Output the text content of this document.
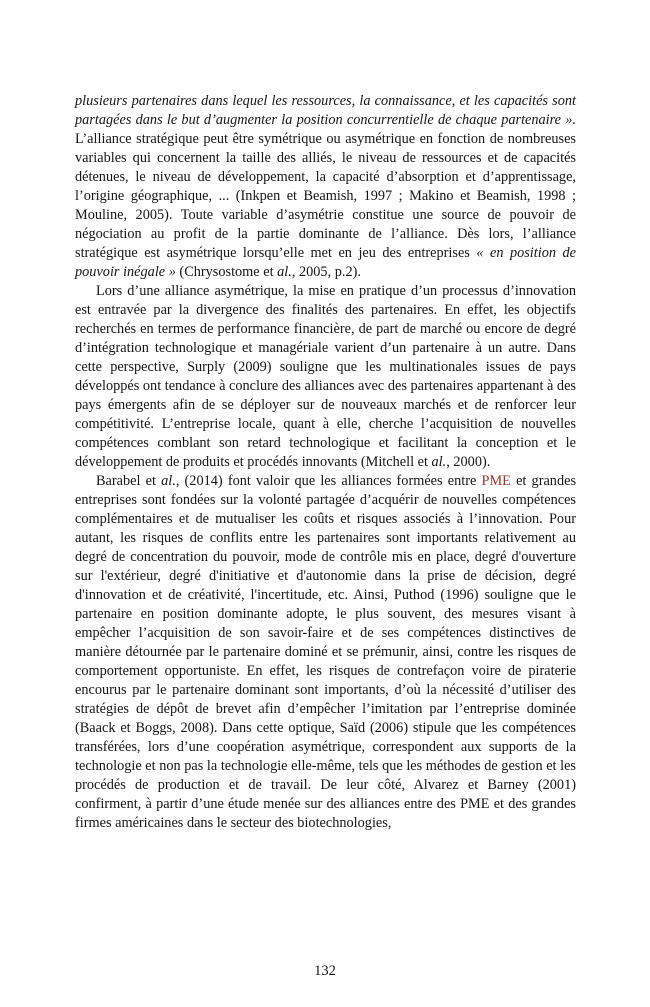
plusieurs partenaires dans lequel les ressources, la connaissance, et les capacités sont partagées dans le but d’augmenter la position concurrentielle de chaque partenaire ». L’alliance stratégique peut être symétrique ou asymétrique en fonction de nombreuses variables qui concernent la taille des alliés, le niveau de ressources et de capacités détenues, le niveau de développement, la capacité d’absorption et d’apprentissage, l’origine géographique, ... (Inkpen et Beamish, 1997 ; Makino et Beamish, 1998 ; Mouline, 2005). Toute variable d’asymétrie constitue une source de pouvoir de négociation au profit de la partie dominante de l’alliance. Dès lors, l’alliance stratégique est asymétrique lorsqu’elle met en jeu des entreprises « en position de pouvoir inégale » (Chrysostome et al., 2005, p.2).

Lors d’une alliance asymétrique, la mise en pratique d’un processus d’innovation est entravée par la divergence des finalités des partenaires. En effet, les objectifs recherchés en termes de performance financière, de part de marché ou encore de degré d’intégration technologique et managériale varient d’un partenaire à un autre. Dans cette perspective, Surply (2009) souligne que les multinationales issues de pays développés ont tendance à conclure des alliances avec des partenaires appartenant à des pays émergents afin de se déployer sur de nouveaux marchés et de renforcer leur compétitivité. L’entreprise locale, quant à elle, cherche l’acquisition de nouvelles compétences comblant son retard technologique et facilitant la conception et le développement de produits et procédés innovants (Mitchell et al., 2000).

Barabel et al., (2014) font valoir que les alliances formées entre PME et grandes entreprises sont fondées sur la volonté partagée d’acquérir de nouvelles compétences complémentaires et de mutualiser les coûts et risques associés à l’innovation. Pour autant, les risques de conflits entre les partenaires sont importants relativement au degré de concentration du pouvoir, mode de contrôle mis en place, degré d'ouverture sur l'extérieur, degré d'initiative et d'autonomie dans la prise de décision, degré d'innovation et de créativité, l'incertitude, etc. Ainsi, Puthod (1996) souligne que le partenaire en position dominante adopte, le plus souvent, des mesures visant à empêcher l’acquisition de son savoir-faire et de ses compétences distinctives de manière détournée par le partenaire dominé et se prémunir, ainsi, contre les risques de comportement opportuniste. En effet, les risques de contrefaçon voire de piraterie encourus par le partenaire dominant sont importants, d’où la nécessité d’utiliser des stratégies de dépôt de brevet afin d’empêcher l’imitation par l’entreprise dominée (Baack et Boggs, 2008). Dans cette optique, Saïd (2006) stipule que les compétences transférées, lors d’une coopération asymétrique, correspondent aux supports de la technologie et non pas la technologie elle-même, tels que les méthodes de gestion et les procédés de production et de travail. De leur côté, Alvarez et Barney (2001) confirment, à partir d’une étude menée sur des alliances entre des PME et des grandes firmes américaines dans le secteur des biotechnologies,

132
